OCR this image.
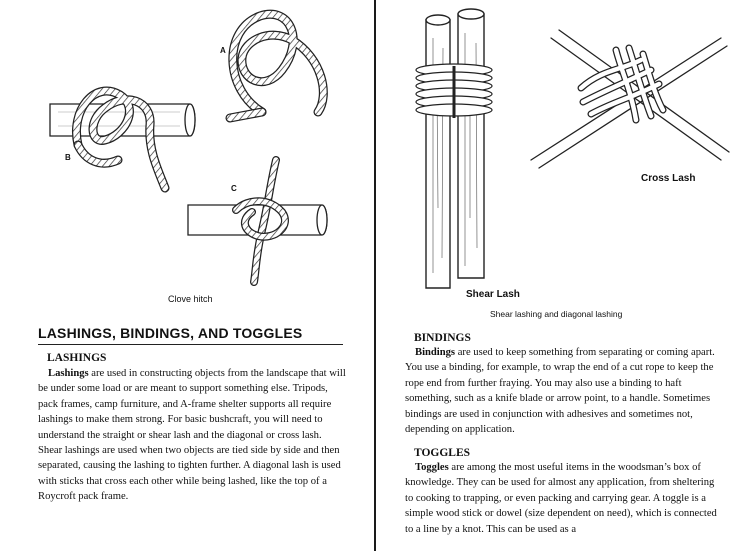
A
B
C
Clove hitch
LASHINGS, BINDINGS, AND TOGGLES
LASHINGS

Lashings are used in constructing objects from the landscape that will be under some load or are meant to support something else. Tripods, pack frames, camp furniture, and A-frame shelter supports all require lashings to make them strong. For basic bushcraft, you will need to understand the straight or shear lash and the diagonal or cross lash. Shear lashings are used when two objects are tied side by side and then separated, causing the lashing to tighten further. A diagonal lash is used with sticks that cross each other while being lashed, like the top of a Roycroft pack frame.

Shear Lash
Cross Lash
Shear lashing and diagonal lashing
BINDINGS

Bindings are used to keep something from separating or coming apart. You use a binding, for example, to wrap the end of a cut rope to keep the rope end from further fraying. You may also use a binding to haft something, such as a knife blade or arrow point, to a handle. Sometimes bindings are used in conjunction with adhesives and sometimes not, depending on application.

TOGGLES

Toggles are among the most useful items in the woodsman’s box of knowledge. They can be used for almost any application, from sheltering to cooking to trapping, or even packing and carrying gear. A toggle is a simple wood stick or dowel (size dependent on need), which is connected to a line by a knot. This can be used as a
